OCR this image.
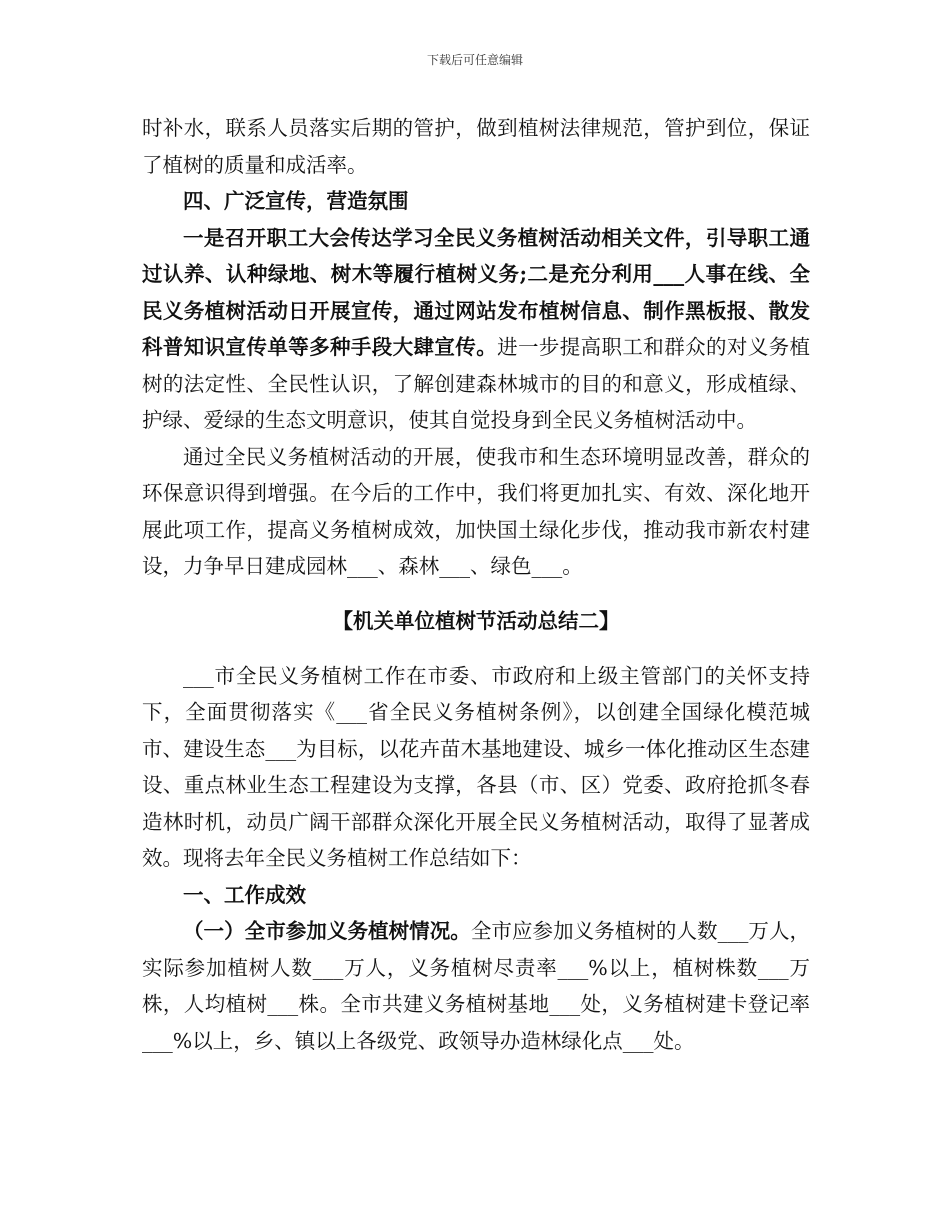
下载后可任意编辑

时补水，联系人员落实后期的管护，做到植树法律规范，管护到位，保证了植树的质量和成活率。

四、广泛宣传，营造氛围

一是召开职工大会传达学习全民义务植树活动相关文件，引导职工通过认养、认种绿地、树木等履行植树义务;二是充分利用___人事在线、全民义务植树活动日开展宣传，通过网站发布植树信息、制作黑板报、散发科普知识宣传单等多种手段大肆宣传。进一步提高职工和群众的对义务植树的法定性、全民性认识，了解创建森林城市的目的和意义，形成植绿、护绿、爱绿的生态文明意识，使其自觉投身到全民义务植树活动中。

通过全民义务植树活动的开展，使我市和生态环境明显改善，群众的环保意识得到增强。在今后的工作中，我们将更加扎实、有效、深化地开展此项工作，提高义务植树成效，加快国土绿化步伐，推动我市新农村建设，力争早日建成园林___、森林___、绿色___。

【机关单位植树节活动总结二】

___市全民义务植树工作在市委、市政府和上级主管部门的关怀支持下，全面贯彻落实《___省全民义务植树条例》，以创建全国绿化模范城市、建设生态___为目标，以花卉苗木基地建设、城乡一体化推动区生态建设、重点林业生态工程建设为支撑，各县（市、区）党委、政府抢抓冬春造林时机，动员广阔干部群众深化开展全民义务植树活动，取得了显著成效。现将去年全民义务植树工作总结如下：

一、工作成效

（一）全市参加义务植树情况。全市应参加义务植树的人数___万人，实际参加植树人数___万人，义务植树尽责率___%以上，植树株数___万株，人均植树___株。全市共建义务植树基地___处，义务植树建卡登记率___%以上，乡、镇以上各级党、政领导办造林绿化点___处。
